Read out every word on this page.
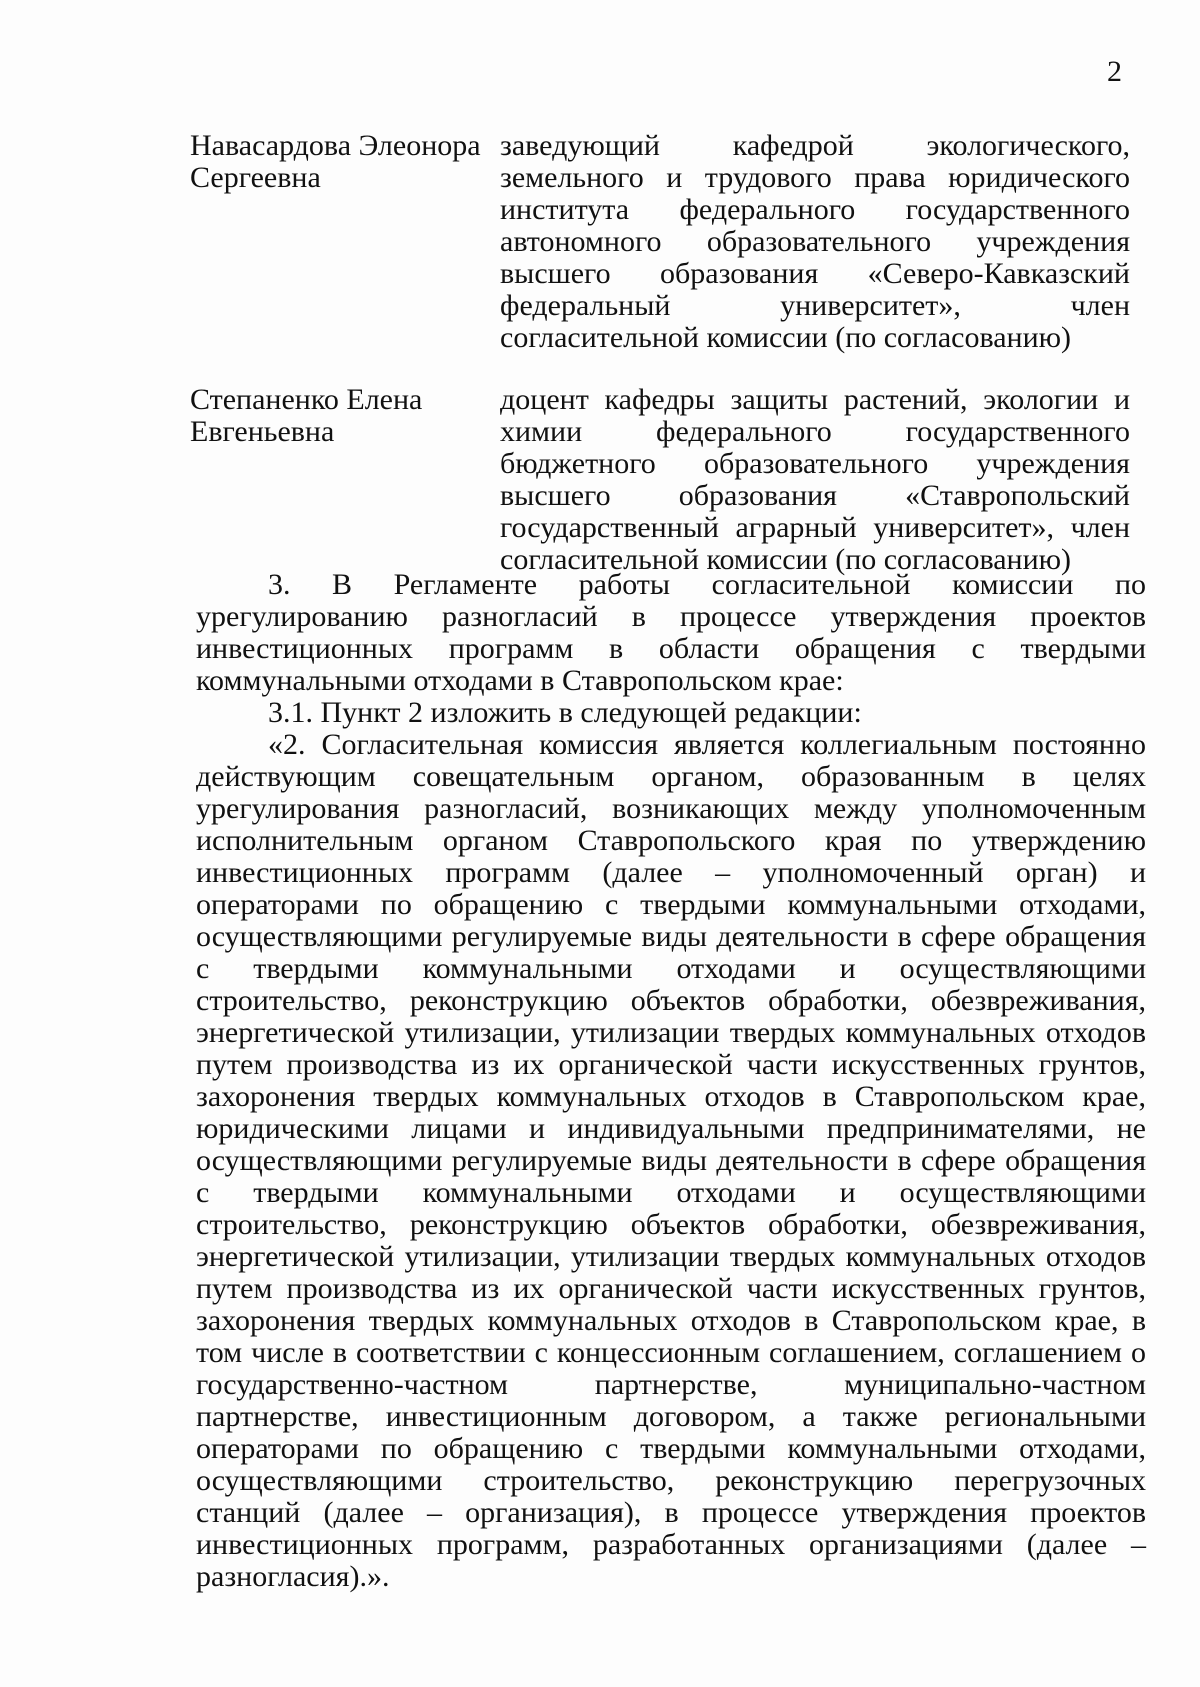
2
Навасардова Элеонора Сергеевна
заведующий кафедрой экологического, земельного и трудового права юридического института федерального государственного автономного образовательного учреждения высшего образования «Северо-Кавказский федеральный университет», член согласительной комиссии (по согласованию)
Степаненко Елена Евгеньевна
доцент кафедры защиты растений, экологии и химии федерального государственного бюджетного образовательного учреждения высшего образования «Ставропольский государственный аграрный университет», член согласительной комиссии (по согласованию)

3. В Регламенте работы согласительной комиссии по урегулированию разногласий в процессе утверждения проектов инвестиционных программ в области обращения с твердыми коммунальными отходами в Ставропольском крае:

3.1. Пункт 2 изложить в следующей редакции:

«2. Согласительная комиссия является коллегиальным постоянно действующим совещательным органом, образованным в целях урегулирования разногласий, возникающих между уполномоченным исполнительным органом Ставропольского края по утверждению инвестиционных программ (далее – уполномоченный орган) и операторами по обращению с твердыми коммунальными отходами, осуществляющими регулируемые виды деятельности в сфере обращения с твердыми коммунальными отходами и осуществляющими строительство, реконструкцию объектов обработки, обезвреживания, энергетической утилизации, утилизации твердых коммунальных отходов путем производства из их органической части искусственных грунтов, захоронения твердых коммунальных отходов в Ставропольском крае, юридическими лицами и индивидуальными предпринимателями, не осуществляющими регулируемые виды деятельности в сфере обращения с твердыми коммунальными отходами и осуществляющими строительство, реконструкцию объектов обработки, обезвреживания, энергетической утилизации, утилизации твердых коммунальных отходов путем производства из их органической части искусственных грунтов, захоронения твердых коммунальных отходов в Ставропольском крае, в том числе в соответствии с концессионным соглашением, соглашением о государственно-частном партнерстве, муниципально-частном партнерстве, инвестиционным договором, а также региональными операторами по обращению с твердыми коммунальными отходами, осуществляющими строительство, реконструкцию перегрузочных станций (далее – организация), в процессе утверждения проектов инвестиционных программ, разработанных организациями (далее – разногласия).».
